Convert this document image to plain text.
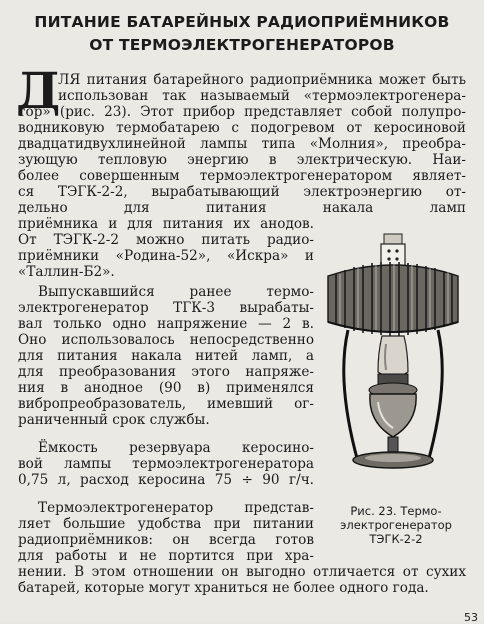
ПИТАНИЕ БАТАРЕЙНЫХ РАДИОПРИЁМНИКОВ
ОТ ТЕРМОЭЛЕКТРОГЕНЕРАТОРОВ
Д
ЛЯ питания батарейного радиоприёмника может быть
использован так называемый «термоэлектрогенера-
тор» (рис. 23). Этот прибор представляет собой полупро-
водниковую термобатарею с подогревом от керосиновой
двадцатидвухлинейной лампы типа «Молния», преобра-
зующую тепловую энергию в электрическую. Наи-
более совершенным термоэлектрогенератором являет-
ся ТЭГК-2-2, вырабатывающий электроэнергию от-
дельно для питания накала ламп
приёмника и для питания их анодов.
От ТЭГК-2-2 можно питать радио-
приёмники «Родина-52», «Искра» и
«Таллин-Б2».
Выпускавшийся ранее термо-
электрогенератор ТГК-3 вырабаты-
вал только одно напряжение — 2 в.
Оно использовалось непосредственно
для питания накала нитей ламп, а
для преобразования этого напряже-
ния в анодное (90 в) применялся
вибропреобразователь, имевший ог-
раниченный срок службы.
Ёмкость резервуара керосино-
вой лампы термоэлектрогенератора
0,75 л, расход керосина 75 ÷ 90 г/ч.
Термоэлектрогенератор представ-
ляет большие удобства при питании
радиоприёмников: он всегда готов
для работы и не портится при хра-
нении. В этом отношении он выгодно отличается от сухих
батарей, которые могут храниться не более одного года.
Рис. 23. Термо-
электрогенератор
ТЭГК-2-2
53
